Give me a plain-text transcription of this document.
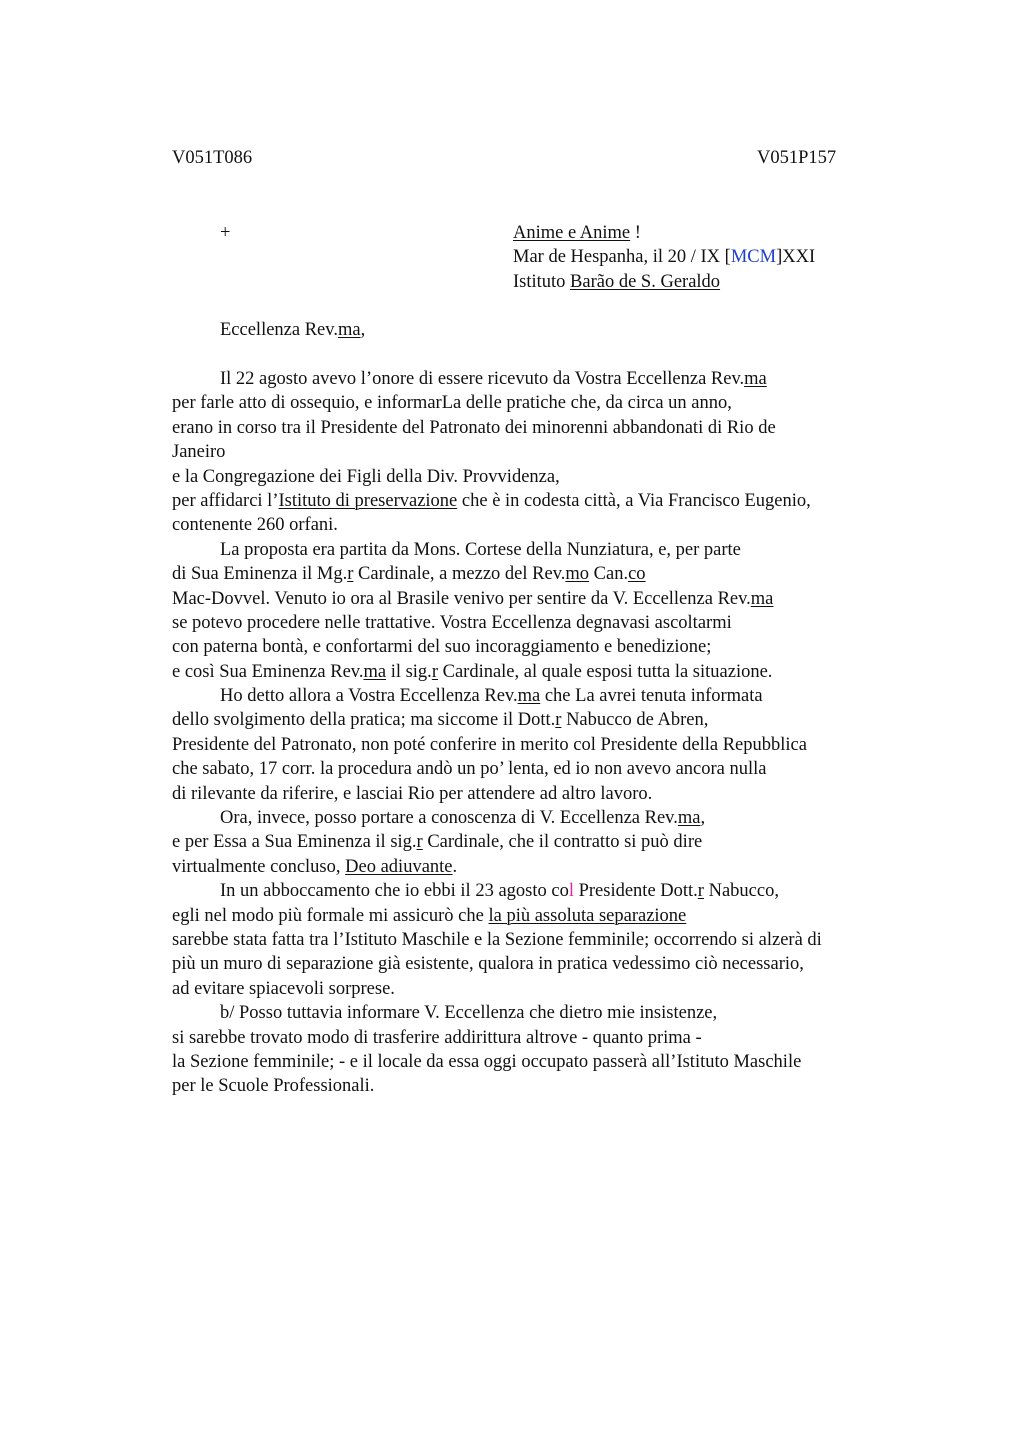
V051T086	V051P157
+	Anime e Anime !
Mar de Hespanha, il 20 / IX [MCM]XXI
Istituto Barão de S. Geraldo
Eccellenza Rev.ma,
Il 22 agosto avevo l’onore di essere ricevuto da Vostra Eccellenza Rev.ma
per farle atto di ossequio, e informarLa delle pratiche che, da circa un anno,
erano in corso tra il Presidente del Patronato dei minorenni abbandonati di Rio de
Janeiro
e la Congregazione dei Figli della Div. Provvidenza,
per affidarci l’Istituto di preservazione che è in codesta città, a Via Francisco Eugenio,
contenente 260 orfani.
La proposta era partita da Mons. Cortese della Nunziatura, e, per parte
di Sua Eminenza il Mg.r Cardinale, a mezzo del Rev.mo Can.co
Mac-Dovvel. Venuto io ora al Brasile venivo per sentire da V. Eccellenza Rev.ma
se potevo procedere nelle trattative. Vostra Eccellenza degnavasi ascoltarmi
con paterna bontà, e confortarmi del suo incoraggiamento e benedizione;
e così Sua Eminenza Rev.ma il sig.r Cardinale, al quale esposi tutta la situazione.
Ho detto allora a Vostra Eccellenza Rev.ma che La avrei tenuta informata
dello svolgimento della pratica; ma siccome il Dott.r Nabucco de Abren,
Presidente del Patronato, non poté conferire in merito col Presidente della Repubblica
che sabato, 17 corr. la procedura andò un po’ lenta, ed io non avevo ancora nulla
di rilevante da riferire, e lasciai Rio per attendere ad altro lavoro.
Ora, invece, posso portare a conoscenza di V. Eccellenza Rev.ma,
e per Essa a Sua Eminenza il sig.r Cardinale, che il contratto si può dire
virtualmente concluso, Deo adiuvante.
In un abboccamento che io ebbi il 23 agosto col Presidente Dott.r Nabucco,
egli nel modo più formale mi assicurò che la più assoluta separazione
sarebbe stata fatta tra l’Istituto Maschile e la Sezione femminile; occorrendo si alzerà di
più un muro di separazione già esistente, qualora in pratica vedessimo ciò necessario,
ad evitare spiacevoli sorprese.
b/ Posso tuttavia informare V. Eccellenza che dietro mie insistenze,
si sarebbe trovato modo di trasferire addirittura altrove - quanto prima -
la Sezione femminile; - e il locale da essa oggi occupato passerà all’Istituto Maschile
per le Scuole Professionali.
